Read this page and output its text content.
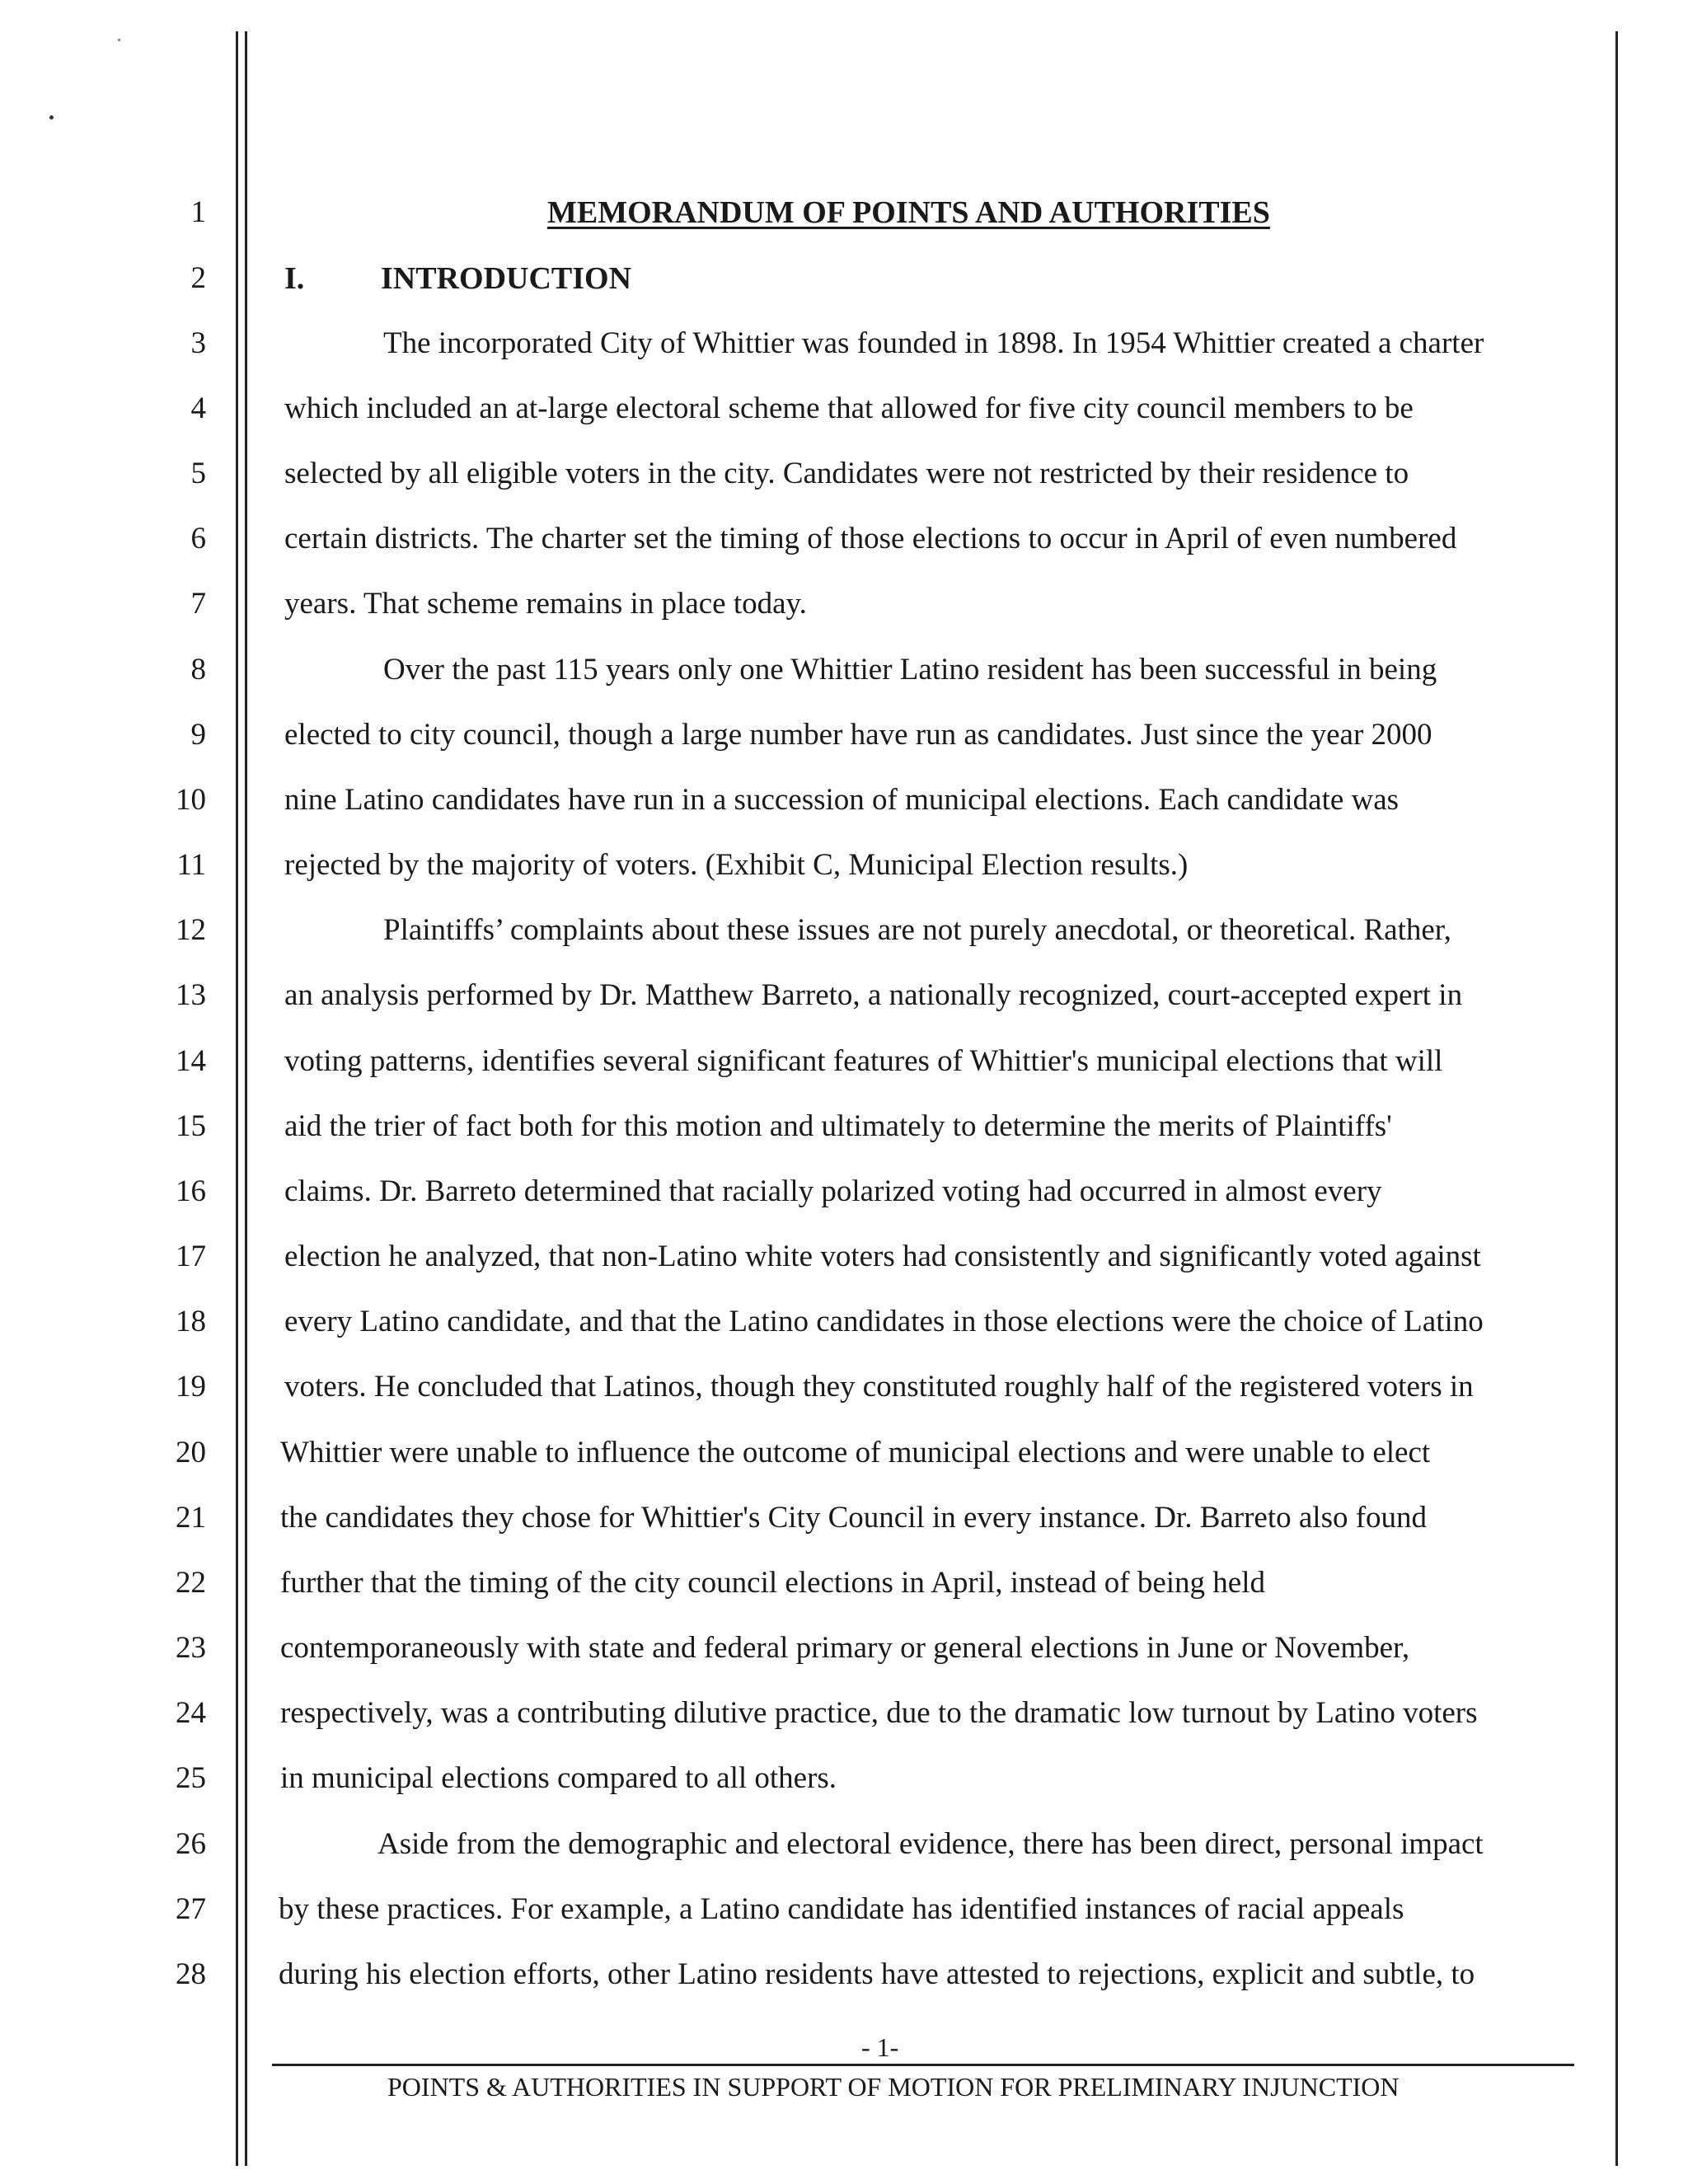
1
2
3
4
5
6
7
8
9
10
11
12
13
14
15
16
17
18
19
20
21
22
23
24
25
26
27
28
MEMORANDUM OF POINTS AND AUTHORITIES
I. INTRODUCTION
The incorporated City of Whittier was founded in 1898. In 1954 Whittier created a charter
which included an at-large electoral scheme that allowed for five city council members to be
selected by all eligible voters in the city. Candidates were not restricted by their residence to
certain districts. The charter set the timing of those elections to occur in April of even numbered
years. That scheme remains in place today.
Over the past 115 years only one Whittier Latino resident has been successful in being
elected to city council, though a large number have run as candidates. Just since the year 2000
nine Latino candidates have run in a succession of municipal elections. Each candidate was
rejected by the majority of voters. (Exhibit C, Municipal Election results.)
Plaintiffs’ complaints about these issues are not purely anecdotal, or theoretical. Rather,
an analysis performed by Dr. Matthew Barreto, a nationally recognized, court-accepted expert in
voting patterns, identifies several significant features of Whittier's municipal elections that will
aid the trier of fact both for this motion and ultimately to determine the merits of Plaintiffs'
claims. Dr. Barreto determined that racially polarized voting had occurred in almost every
election he analyzed, that non-Latino white voters had consistently and significantly voted against
every Latino candidate, and that the Latino candidates in those elections were the choice of Latino
voters. He concluded that Latinos, though they constituted roughly half of the registered voters in
Whittier were unable to influence the outcome of municipal elections and were unable to elect
the candidates they chose for Whittier's City Council in every instance. Dr. Barreto also found
further that the timing of the city council elections in April, instead of being held
contemporaneously with state and federal primary or general elections in June or November,
respectively, was a contributing dilutive practice, due to the dramatic low turnout by Latino voters
in municipal elections compared to all others.
Aside from the demographic and electoral evidence, there has been direct, personal impact
by these practices. For example, a Latino candidate has identified instances of racial appeals
during his election efforts, other Latino residents have attested to rejections, explicit and subtle, to
- 1-
POINTS & AUTHORITIES IN SUPPORT OF MOTION FOR PRELIMINARY INJUNCTION
